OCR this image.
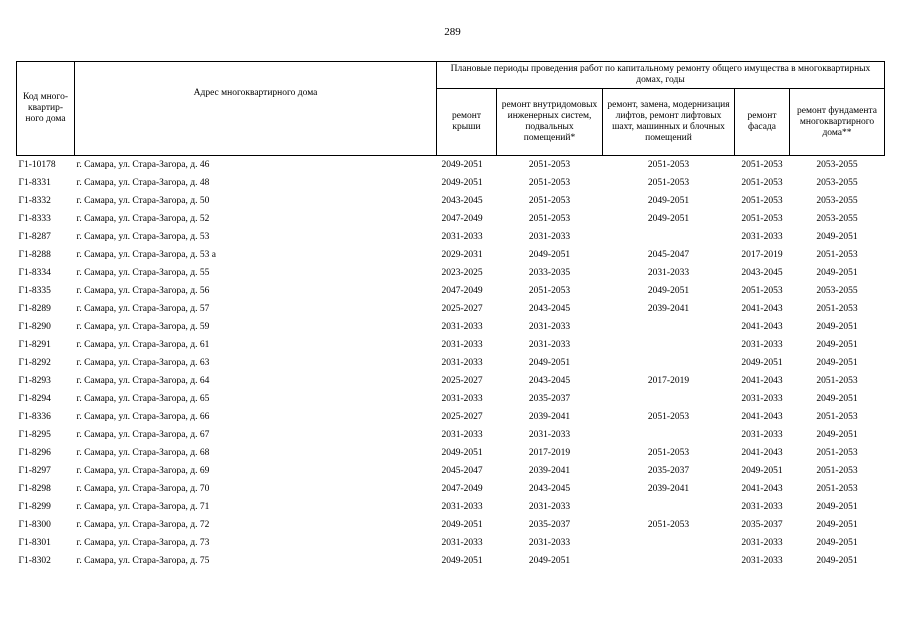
289
Код много-квартир-ного дома	Адрес многоквартирного дома	Плановые периоды проведения работ по капитальному ремонту общего имущества в многоквартирных домах, годы				
		ремонт крыши	ремонт внутридомовых инженерных систем, подвальных помещений*	ремонт, замена, модернизация лифтов, ремонт лифтовых шахт, машинных и блочных помещений	ремонт фасада	ремонт фундамента многоквартирного дома**
Г1-10178	г. Самара, ул. Стара-Загора, д. 46	2049-2051	2051-2053	2051-2053	2051-2053	2053-2055
Г1-8331	г. Самара, ул. Стара-Загора, д. 48	2049-2051	2051-2053	2051-2053	2051-2053	2053-2055
Г1-8332	г. Самара, ул. Стара-Загора, д. 50	2043-2045	2051-2053	2049-2051	2051-2053	2053-2055
Г1-8333	г. Самара, ул. Стара-Загора, д. 52	2047-2049	2051-2053	2049-2051	2051-2053	2053-2055
Г1-8287	г. Самара, ул. Стара-Загора, д. 53	2031-2033	2031-2033		2031-2033	2049-2051
Г1-8288	г. Самара, ул. Стара-Загора, д. 53 а	2029-2031	2049-2051	2045-2047	2017-2019	2051-2053
Г1-8334	г. Самара, ул. Стара-Загора, д. 55	2023-2025	2033-2035	2031-2033	2043-2045	2049-2051
Г1-8335	г. Самара, ул. Стара-Загора, д. 56	2047-2049	2051-2053	2049-2051	2051-2053	2053-2055
Г1-8289	г. Самара, ул. Стара-Загора, д. 57	2025-2027	2043-2045	2039-2041	2041-2043	2051-2053
Г1-8290	г. Самара, ул. Стара-Загора, д. 59	2031-2033	2031-2033		2041-2043	2049-2051
Г1-8291	г. Самара, ул. Стара-Загора, д. 61	2031-2033	2031-2033		2031-2033	2049-2051
Г1-8292	г. Самара, ул. Стара-Загора, д. 63	2031-2033	2049-2051		2049-2051	2049-2051
Г1-8293	г. Самара, ул. Стара-Загора, д. 64	2025-2027	2043-2045	2017-2019	2041-2043	2051-2053
Г1-8294	г. Самара, ул. Стара-Загора, д. 65	2031-2033	2035-2037		2031-2033	2049-2051
Г1-8336	г. Самара, ул. Стара-Загора, д. 66	2025-2027	2039-2041	2051-2053	2041-2043	2051-2053
Г1-8295	г. Самара, ул. Стара-Загора, д. 67	2031-2033	2031-2033		2031-2033	2049-2051
Г1-8296	г. Самара, ул. Стара-Загора, д. 68	2049-2051	2017-2019	2051-2053	2041-2043	2051-2053
Г1-8297	г. Самара, ул. Стара-Загора, д. 69	2045-2047	2039-2041	2035-2037	2049-2051	2051-2053
Г1-8298	г. Самара, ул. Стара-Загора, д. 70	2047-2049	2043-2045	2039-2041	2041-2043	2051-2053
Г1-8299	г. Самара, ул. Стара-Загора, д. 71	2031-2033	2031-2033		2031-2033	2049-2051
Г1-8300	г. Самара, ул. Стара-Загора, д. 72	2049-2051	2035-2037	2051-2053	2035-2037	2049-2051
Г1-8301	г. Самара, ул. Стара-Загора, д. 73	2031-2033	2031-2033		2031-2033	2049-2051
Г1-8302	г. Самара, ул. Стара-Загора, д. 75	2049-2051	2049-2051		2031-2033	2049-2051
